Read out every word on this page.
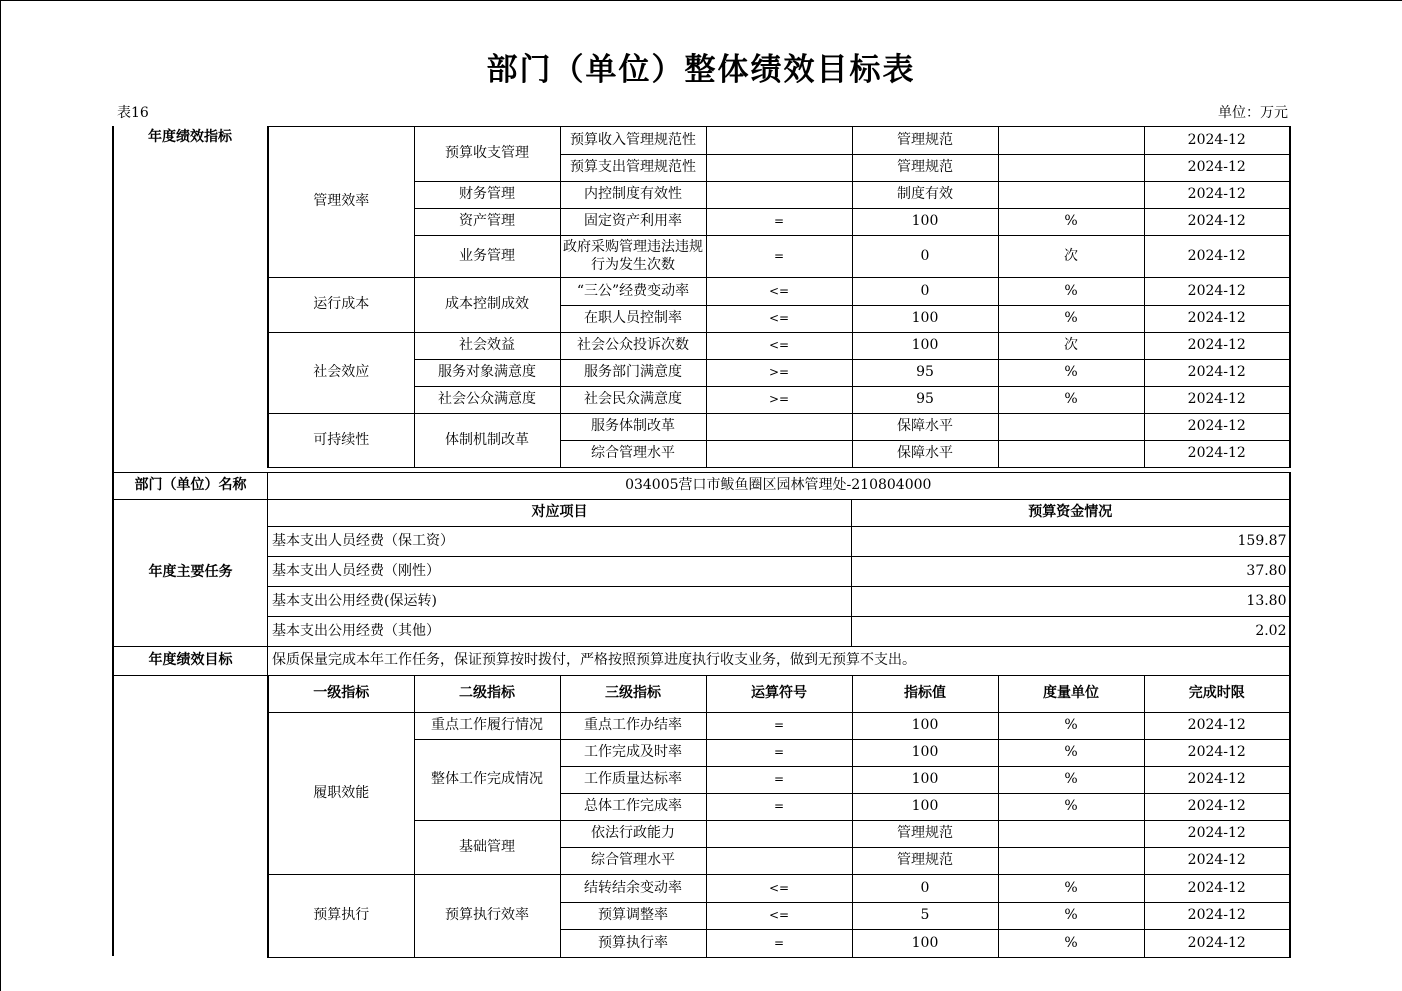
部门（单位）整体绩效目标表
表16	单位：万元
年度绩效指标
管理效率	预算收支管理	预算收入管理规范性		管理规范		2024-12
		预算支出管理规范性		管理规范		2024-12
	财务管理	内控制度有效性		制度有效		2024-12
	资产管理	固定资产利用率	=	100	%	2024-12
	业务管理	政府采购管理违法违规行为发生次数	=	0	次	2024-12
运行成本	成本控制成效	“三公”经费变动率	<=	0	%	2024-12
		在职人员控制率	<=	100	%	2024-12
社会效应	社会效益	社会公众投诉次数	<=	100	次	2024-12
	服务对象满意度	服务部门满意度	>=	95	%	2024-12
	社会公众满意度	社会民众满意度	>=	95	%	2024-12
可持续性	体制机制改革	服务体制改革		保障水平		2024-12
		综合管理水平		保障水平		2024-12
部门（单位）名称	034005营口市鲅鱼圈区园林管理处-210804000	
年度主要任务	对应项目	预算资金情况
	基本支出人员经费（保工资）	159.87
	基本支出人员经费（刚性）	37.80
	基本支出公用经费(保运转)	13.80
	基本支出公用经费（其他）	2.02
年度绩效目标	保质保量完成本年工作任务，保证预算按时拨付，严格按照预算进度执行收支业务，做到无预算不支出。	
一级指标	二级指标	三级指标	运算符号	指标值	度量单位	完成时限
履职效能	重点工作履行情况	重点工作办结率	=	100	%	2024-12
	整体工作完成情况	工作完成及时率	=	100	%	2024-12
		工作质量达标率	=	100	%	2024-12
		总体工作完成率	=	100	%	2024-12
	基础管理	依法行政能力		管理规范		2024-12
		综合管理水平		管理规范		2024-12
预算执行	预算执行效率	结转结余变动率	<=	0	%	2024-12
		预算调整率	<=	5	%	2024-12
		预算执行率	=	100	%	2024-12
